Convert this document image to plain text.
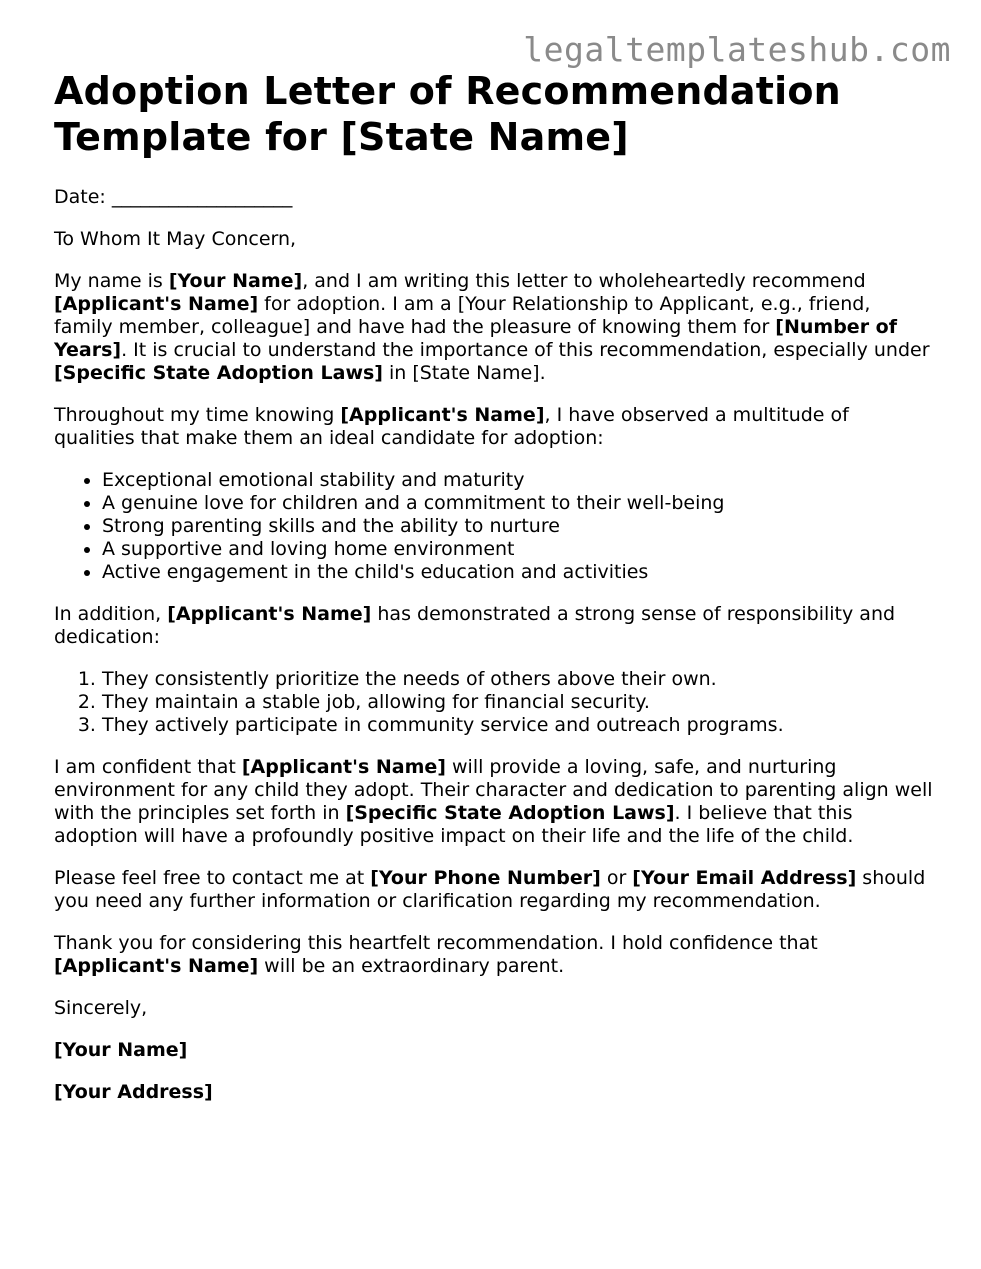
legaltemplateshub.com
Adoption Letter of Recommendation
Template for [State Name]

Date: ___________________

To Whom It May Concern,

My name is [Your Name], and I am writing this letter to wholeheartedly recommend [Applicant's Name] for adoption. I am a [Your Relationship to Applicant, e.g., friend, family member, colleague] and have had the pleasure of knowing them for [Number of Years]. It is crucial to understand the importance of this recommendation, especially under [Specific State Adoption Laws] in [State Name].

Throughout my time knowing [Applicant's Name], I have observed a multitude of qualities that make them an ideal candidate for adoption:

• Exceptional emotional stability and maturity
• A genuine love for children and a commitment to their well-being
• Strong parenting skills and the ability to nurture
• A supportive and loving home environment
• Active engagement in the child's education and activities

In addition, [Applicant's Name] has demonstrated a strong sense of responsibility and dedication:

1. They consistently prioritize the needs of others above their own.
2. They maintain a stable job, allowing for financial security.
3. They actively participate in community service and outreach programs.

I am confident that [Applicant's Name] will provide a loving, safe, and nurturing environment for any child they adopt. Their character and dedication to parenting align well with the principles set forth in [Specific State Adoption Laws]. I believe that this adoption will have a profoundly positive impact on their life and the life of the child.

Please feel free to contact me at [Your Phone Number] or [Your Email Address] should you need any further information or clarification regarding my recommendation.

Thank you for considering this heartfelt recommendation. I hold confidence that [Applicant's Name] will be an extraordinary parent.

Sincerely,

[Your Name]

[Your Address]
